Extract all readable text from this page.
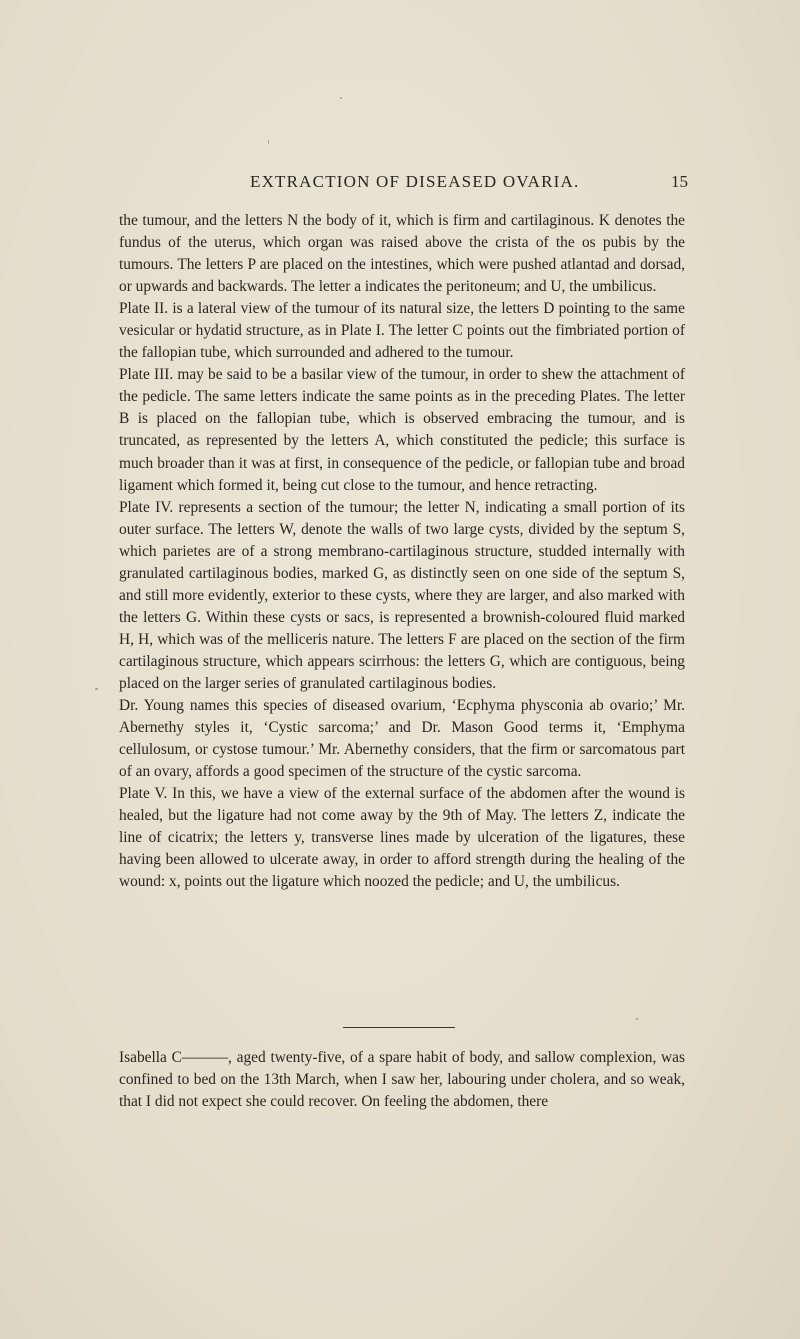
EXTRACTION OF DISEASED OVARIA.	15

the tumour, and the letters N the body of it, which is firm and cartilaginous. K denotes the fundus of the uterus, which organ was raised above the crista of the os pubis by the tumours. The letters P are placed on the intestines, which were pushed atlantad and dorsad, or upwards and backwards. The letter a indicates the peritoneum; and U, the umbilicus.

Plate II. is a lateral view of the tumour of its natural size, the letters D pointing to the same vesicular or hydatid structure, as in Plate I. The letter C points out the fimbriated portion of the fallopian tube, which surrounded and adhered to the tumour.

Plate III. may be said to be a basilar view of the tumour, in order to shew the attachment of the pedicle. The same letters indicate the same points as in the preceding Plates. The letter B is placed on the fallopian tube, which is observed embracing the tumour, and is truncated, as represented by the letters A, which constituted the pedicle; this surface is much broader than it was at first, in consequence of the pedicle, or fallopian tube and broad ligament which formed it, being cut close to the tumour, and hence retracting.

Plate IV. represents a section of the tumour; the letter N, indicating a small portion of its outer surface. The letters W, denote the walls of two large cysts, divided by the septum S, which parietes are of a strong membrano-cartilaginous structure, studded internally with granulated cartilaginous bodies, marked G, as distinctly seen on one side of the septum S, and still more evidently, exterior to these cysts, where they are larger, and also marked with the letters G. Within these cysts or sacs, is represented a brownish-coloured fluid marked H, H, which was of the melliceris nature. The letters F are placed on the section of the firm cartilaginous structure, which appears scirrhous: the letters G, which are contiguous, being placed on the larger series of granulated cartilaginous bodies.

Dr. Young names this species of diseased ovarium, ‘Ecphyma physconia ab ovario;’ Mr. Abernethy styles it, ‘Cystic sarcoma;’ and Dr. Mason Good terms it, ‘Emphyma cellulosum, or cystose tumour.’ Mr. Abernethy considers, that the firm or sarcomatous part of an ovary, affords a good specimen of the structure of the cystic sarcoma.

Plate V. In this, we have a view of the external surface of the abdomen after the wound is healed, but the ligature had not come away by the 9th of May. The letters Z, indicate the line of cicatrix; the letters y, transverse lines made by ulceration of the ligatures, these having been allowed to ulcerate away, in order to afford strength during the healing of the wound: x, points out the ligature which noozed the pedicle; and U, the umbilicus.

Isabella C———, aged twenty-five, of a spare habit of body, and sallow complexion, was confined to bed on the 13th March, when I saw her, labouring under cholera, and so weak, that I did not expect she could recover. On feeling the abdomen, there
